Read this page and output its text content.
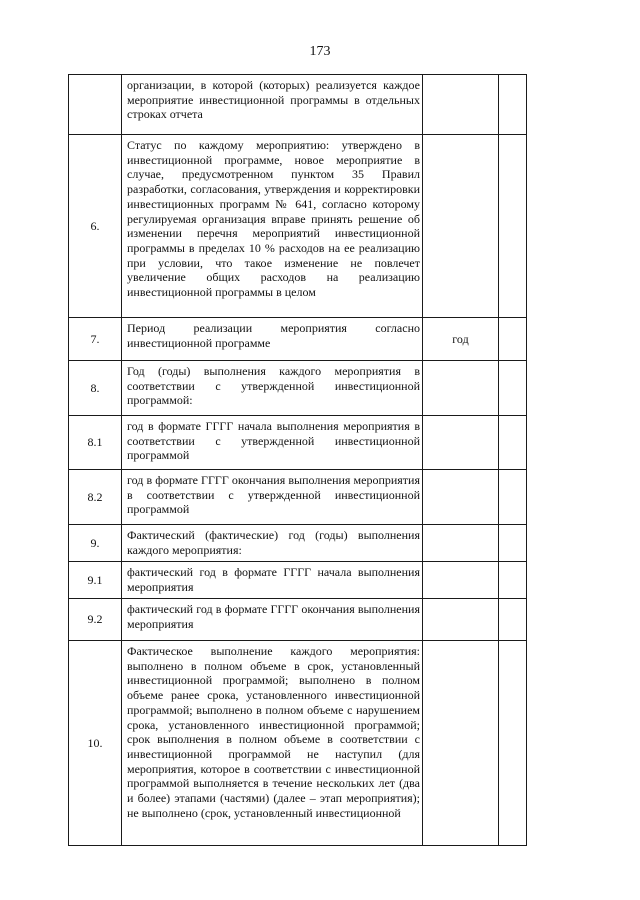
173

	организации, в которой (которых) реализуется каждое мероприятие инвестиционной программы в отдельных строках отчета		

6.	Статус по каждому мероприятию: утверждено в инвестиционной программе, новое мероприятие в случае, предусмотренном пунктом 35 Правил разработки, согласования, утверждения и корректировки инвестиционных программ № 641, согласно которому регулируемая организация вправе принять решение об изменении перечня мероприятий инвестиционной программы в пределах 10 % расходов на ее реализацию при условии, что такое изменение не повлечет увеличение общих расходов на реализацию инвестиционной программы в целом		

7.	Период реализации мероприятия согласно инвестиционной программе	год	
8.	Год (годы) выполнения каждого мероприятия в соответствии с утвержденной инвестиционной программой:		

8.1	год в формате ГГГГ начала выполнения мероприятия в соответствии с утвержденной инвестиционной программой		

8.2	год в формате ГГГГ окончания выполнения мероприятия в соответствии с утвержденной инвестиционной программой		

9.	Фактический (фактические) год (годы) выполнения каждого мероприятия:		

9.1	фактический год в формате ГГГГ начала выполнения мероприятия		

9.2	фактический год в формате ГГГГ окончания выполнения мероприятия		

10.	Фактическое выполнение каждого мероприятия: выполнено в полном объеме в срок, установленный инвестиционной программой; выполнено в полном объеме ранее срока, установленного инвестиционной программой; выполнено в полном объеме с нарушением срока, установленного инвестиционной программой; срок выполнения в полном объеме в соответствии с инвестиционной программой не наступил (для мероприятия, которое в соответствии с инвестиционной программой выполняется в течение нескольких лет (два и более) этапами (частями) (далее – этап мероприятия); не выполнено (срок, установленный инвестиционной		
